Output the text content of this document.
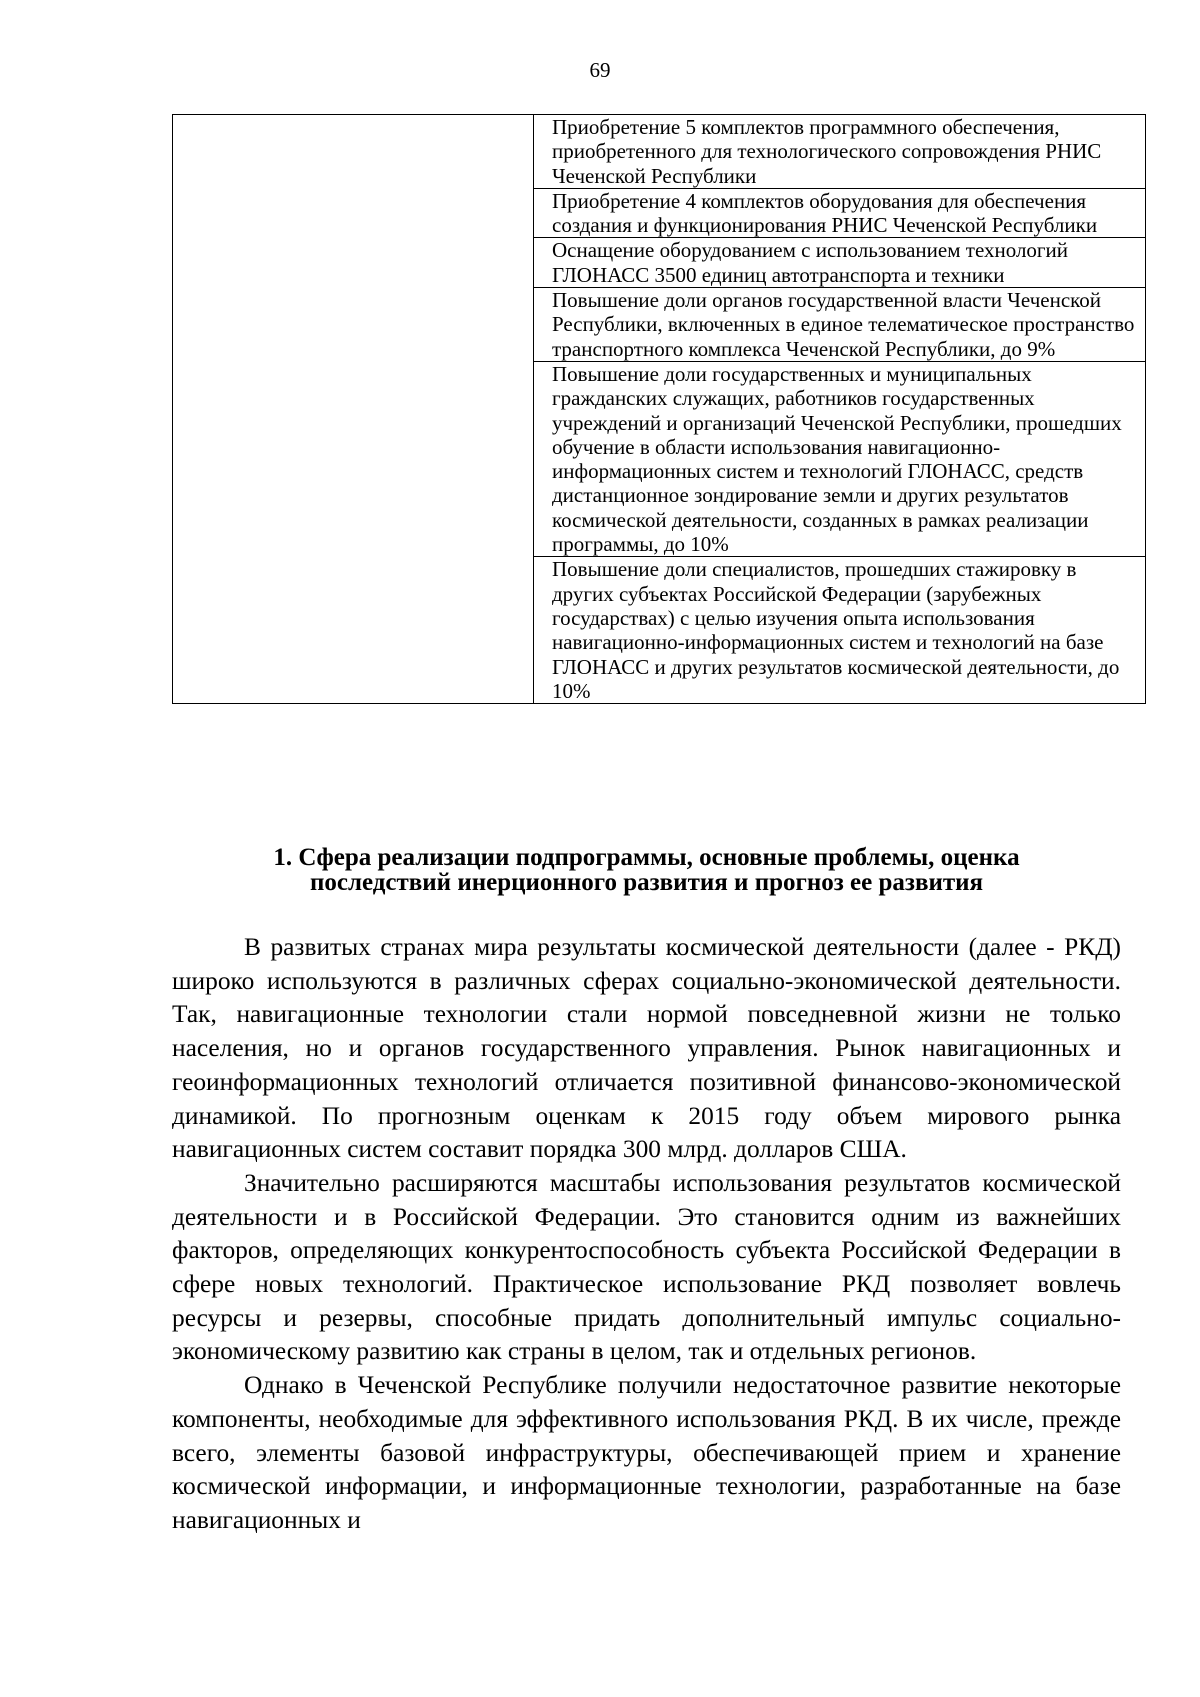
69
	Приобретение 5 комплектов программного обеспечения, приобретенного для технологического сопровождения РНИС Чеченской Республики
Приобретение 4 комплектов оборудования для обеспечения создания и функционирования РНИС Чеченской Республики
Оснащение оборудованием с использованием технологий ГЛОНАСС 3500 единиц автотранспорта и техники
Повышение доли органов государственной власти Чеченской Республики, включенных в единое телематическое пространство транспортного комплекса Чеченской Республики, до 9%
Повышение доли государственных и муниципальных гражданских служащих, работников государственных учреждений и организаций Чеченской Республики, прошедших обучение в области использования навигационно-информационных систем и технологий ГЛОНАСС, средств дистанционное зондирование земли и других результатов космической деятельности, созданных в рамках реализации программы, до 10%
Повышение доли специалистов, прошедших стажировку в других субъектах Российской Федерации (зарубежных государствах) с целью изучения опыта использования навигационно-информационных систем и технологий на базе ГЛОНАСС и других результатов космической деятельности, до 10%
1. Сфера реализации подпрограммы, основные проблемы, оценка
последствий инерционного развития и прогноз ее развития

В развитых странах мира результаты космической деятельности (далее - РКД) широко используются в различных сферах социально-экономической деятельности. Так, навигационные технологии стали нормой повседневной жизни не только населения, но и органов государственного управления. Рынок навигационных и геоинформационных технологий отличается позитивной финансово-экономической динамикой. По прогнозным оценкам к 2015 году объем мирового рынка навигационных систем составит порядка 300 млрд. долларов США.

Значительно расширяются масштабы использования результатов космической деятельности и в Российской Федерации. Это становится одним из важнейших факторов, определяющих конкурентоспособность субъекта Российской Федерации в сфере новых технологий. Практическое использование РКД позволяет вовлечь ресурсы и резервы, способные придать дополнительный импульс социально-экономическому развитию как страны в целом, так и отдельных регионов.

Однако в Чеченской Республике получили недостаточное развитие некоторые компоненты, необходимые для эффективного использования РКД. В их числе, прежде всего, элементы базовой инфраструктуры, обеспечивающей прием и хранение космической информации, и информационные технологии, разработанные на базе навигационных и
